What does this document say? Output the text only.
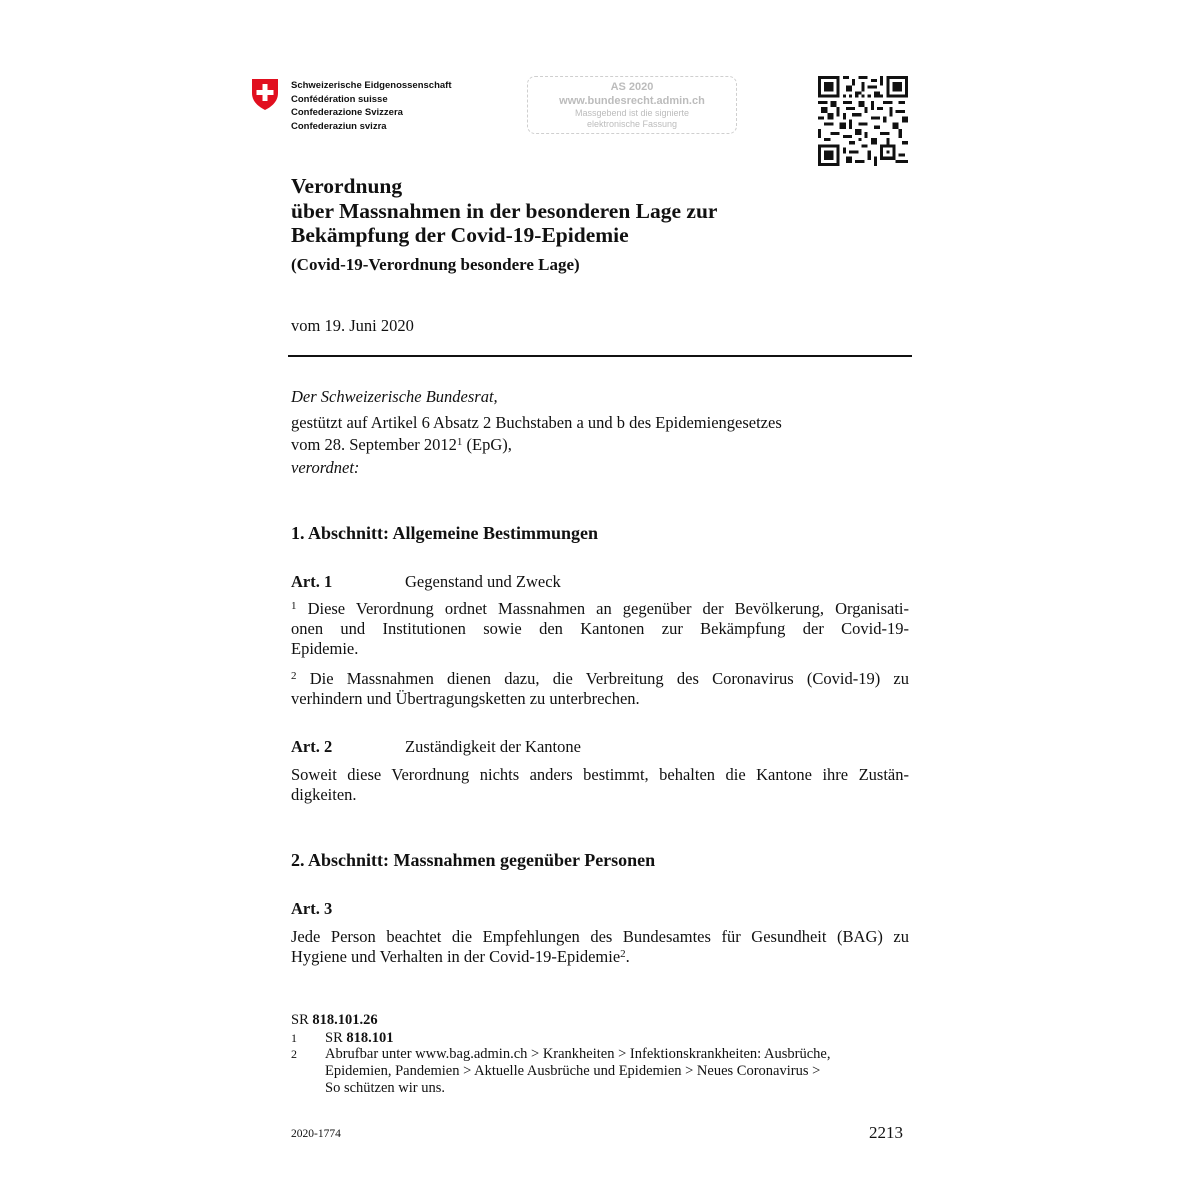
Schweizerische Eidgenossenschaft
Confédération suisse
Confederazione Svizzera
Confederaziun svizra
AS 2020
www.bundesrecht.admin.ch
Massgebend ist die signierte
elektronische Fassung
Verordnung
über Massnahmen in der besonderen Lage zur
Bekämpfung der Covid-19-Epidemie
(Covid-19-Verordnung besondere Lage)
vom 19. Juni 2020
Der Schweizerische Bundesrat,
gestützt auf Artikel 6 Absatz 2 Buchstaben a und b des Epidemiengesetzes
vom 28. September 2012$^1$ (EpG),
verordnet:
1. Abschnitt: Allgemeine Bestimmungen
Art. 1	Gegenstand und Zweck
$^1$ Diese Verordnung ordnet Massnahmen an gegenüber der Bevölkerung, Organisati-
onen und Institutionen sowie den Kantonen zur Bekämpfung der Covid-19-
Epidemie.
$^2$ Die Massnahmen dienen dazu, die Verbreitung des Coronavirus (Covid-19) zu
verhindern und Übertragungsketten zu unterbrechen.
Art. 2	Zuständigkeit der Kantone
Soweit diese Verordnung nichts anders bestimmt, behalten die Kantone ihre Zustän-
digkeiten.
2. Abschnitt: Massnahmen gegenüber Personen
Art. 3
Jede Person beachtet die Empfehlungen des Bundesamtes für Gesundheit (BAG) zu
Hygiene und Verhalten in der Covid-19-Epidemie$^2$.
SR 818.101.26
1 SR 818.101
2 Abrufbar unter www.bag.admin.ch > Krankheiten > Infektionskrankheiten: Ausbrüche,
Epidemien, Pandemien > Aktuelle Ausbrüche und Epidemien > Neues Coronavirus >
So schützen wir uns.
2020-1774	2213
